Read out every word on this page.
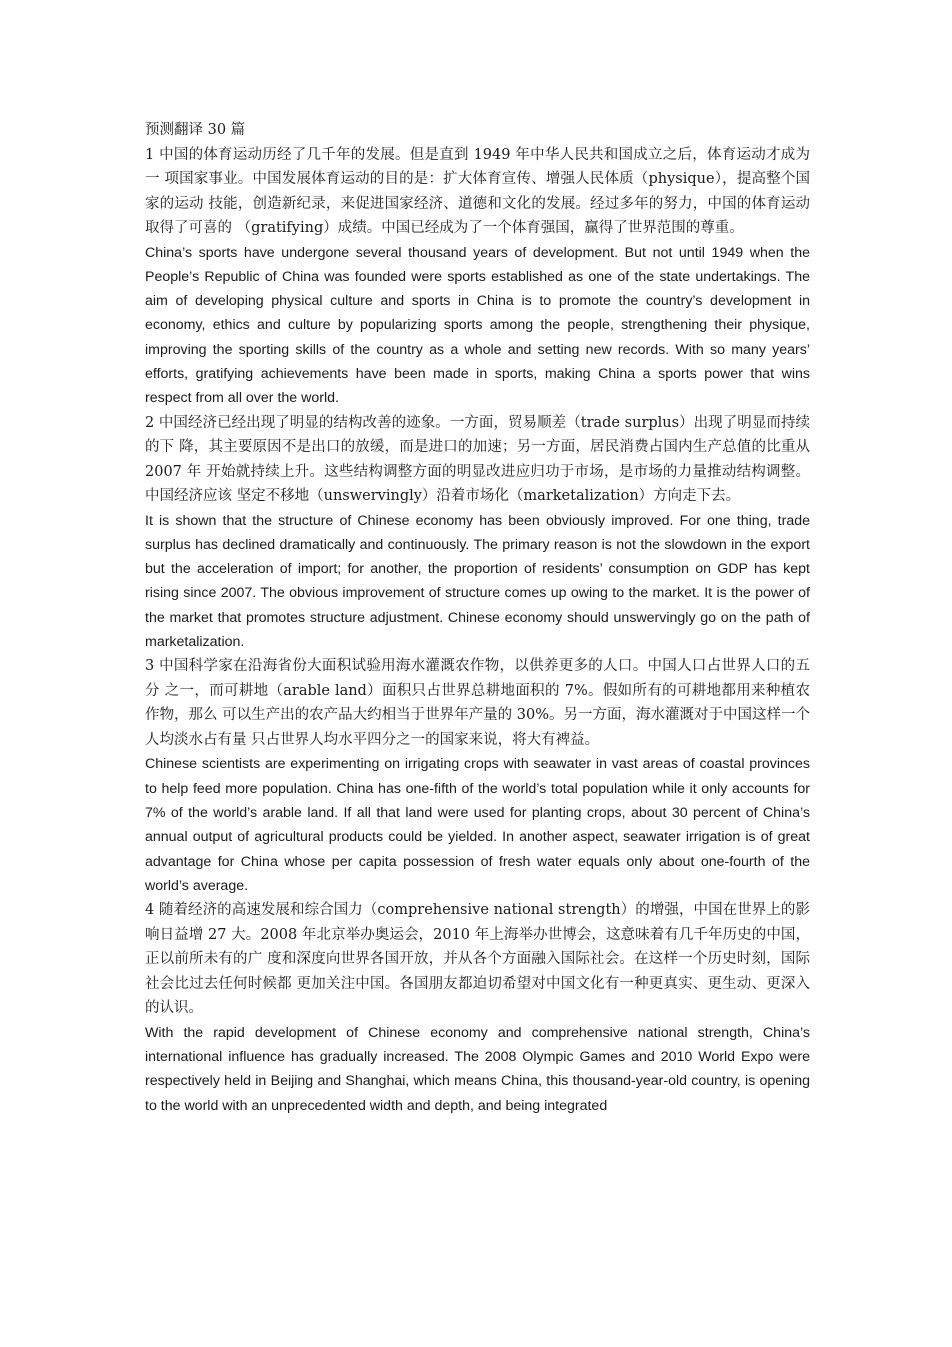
预测翻译 30 篇

1 中国的体育运动历经了几千年的发展。但是直到 1949 年中华人民共和国成立之后，体育运动才成为一 项国家事业。中国发展体育运动的目的是：扩大体育宣传、增强人民体质（physique），提高整个国家的运动 技能，创造新纪录，来促进国家经济、道德和文化的发展。经过多年的努力，中国的体育运动取得了可喜的 （gratifying）成绩。中国已经成为了一个体育强国，赢得了世界范围的尊重。

China’s sports have undergone several thousand years of development. But not until 1949 when the People’s Republic of China was founded were sports established as one of the state undertakings. The aim of developing physical culture and sports in China is to promote the country’s development in economy, ethics and culture by popularizing sports among the people, strengthening their physique, improving the sporting skills of the country as a whole and setting new records. With so many years’ efforts, gratifying achievements have been made in sports, making China a sports power that wins respect from all over the world.

2 中国经济已经出现了明显的结构改善的迹象。一方面，贸易顺差（trade surplus）出现了明显而持续的下 降，其主要原因不是出口的放缓，而是进口的加速；另一方面，居民消费占国内生产总值的比重从 2007 年 开始就持续上升。这些结构调整方面的明显改进应归功于市场，是市场的力量推动结构调整。中国经济应该 坚定不移地（unswervingly）沿着市场化（marketalization）方向走下去。

It is shown that the structure of Chinese economy has been obviously improved. For one thing, trade surplus has declined dramatically and continuously. The primary reason is not the slowdown in the export but the acceleration of import; for another, the proportion of residents’ consumption on GDP has kept rising since 2007. The obvious improvement of structure comes up owing to the market. It is the power of the market that promotes structure adjustment. Chinese economy should unswervingly go on the path of marketalization.

3 中国科学家在沿海省份大面积试验用海水灌溉农作物，以供养更多的人口。中国人口占世界人口的五分 之一，而可耕地（arable land）面积只占世界总耕地面积的 7%。假如所有的可耕地都用来种植农作物，那么 可以生产出的农产品大约相当于世界年产量的 30%。另一方面，海水灌溉对于中国这样一个人均淡水占有量 只占世界人均水平四分之一的国家来说，将大有裨益。

Chinese scientists are experimenting on irrigating crops with seawater in vast areas of coastal provinces to help feed more population. China has one-fifth of the world’s total population while it only accounts for 7% of the world’s arable land. If all that land were used for planting crops, about 30 percent of China’s annual output of agricultural products could be yielded. In another aspect, seawater irrigation is of great advantage for China whose per capita possession of fresh water equals only about one-fourth of the world’s average.

4 随着经济的高速发展和综合国力（comprehensive national strength）的增强，中国在世界上的影响日益增 27 大。2008 年北京举办奥运会，2010 年上海举办世博会，这意味着有几千年历史的中国，正以前所未有的广 度和深度向世界各国开放，并从各个方面融入国际社会。在这样一个历史时刻，国际社会比过去任何时候都 更加关注中国。各国朋友都迫切希望对中国文化有一种更真实、更生动、更深入的认识。

With the rapid development of Chinese economy and comprehensive national strength, China’s international influence has gradually increased. The 2008 Olympic Games and 2010 World Expo were respectively held in Beijing and Shanghai, which means China, this thousand-year-old country, is opening to the world with an unprecedented width and depth, and being integrated
